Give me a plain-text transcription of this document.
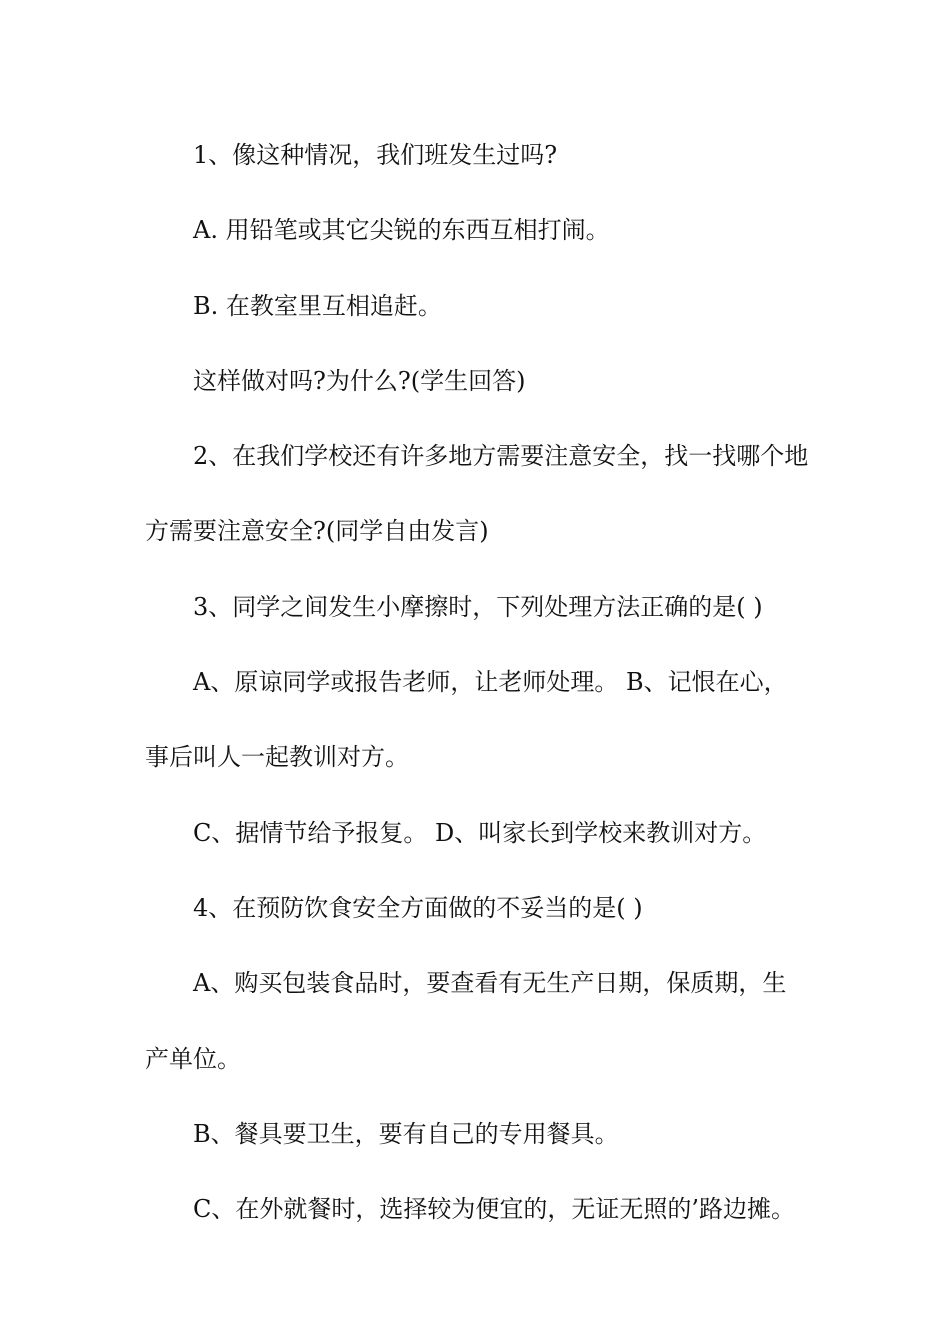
1、像这种情况，我们班发生过吗?

A. 用铅笔或其它尖锐的东西互相打闹。

B. 在教室里互相追赶。

这样做对吗?为什么?(学生回答)

2、在我们学校还有许多地方需要注意安全，找一找哪个地方需要注意安全?(同学自由发言)

3、同学之间发生小摩擦时，下列处理方法正确的是( )

A、原谅同学或报告老师，让老师处理。 B、记恨在心，事后叫人一起教训对方。

C、据情节给予报复。 D、叫家长到学校来教训对方。

4、在预防饮食安全方面做的不妥当的是( )

A、购买包装食品时，要查看有无生产日期，保质期，生产单位。

B、餐具要卫生，要有自己的专用餐具。

C、在外就餐时，选择较为便宜的，无证无照的’路边摊。
